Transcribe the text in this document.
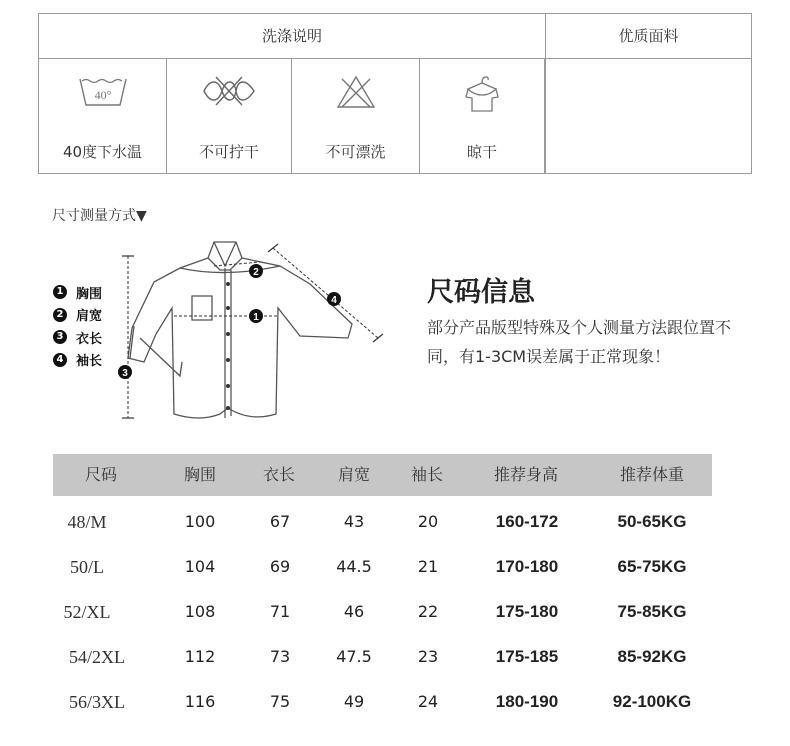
洗涤说明	优质面料
40°
40度下水温	不可拧干	不可漂洗	晾干
尺寸测量方式▼
1 胸围
2 肩宽
3 衣长
4 袖长
1
2
3
4	尺码信息
部分产品版型特殊及个人测量方法跟位置不同，有1-3CM误差属于正常现象！
尺码	胸围	衣长	肩宽	袖长	推荐身高	推荐体重
48/M	100	67	43	20	160-172	50-65KG
50/L	104	69	44.5	21	170-180	65-75KG
52/XL	108	71	46	22	175-180	75-85KG
54/2XL	112	73	47.5	23	175-185	85-92KG
56/3XL	116	75	49	24	180-190	92-100KG
